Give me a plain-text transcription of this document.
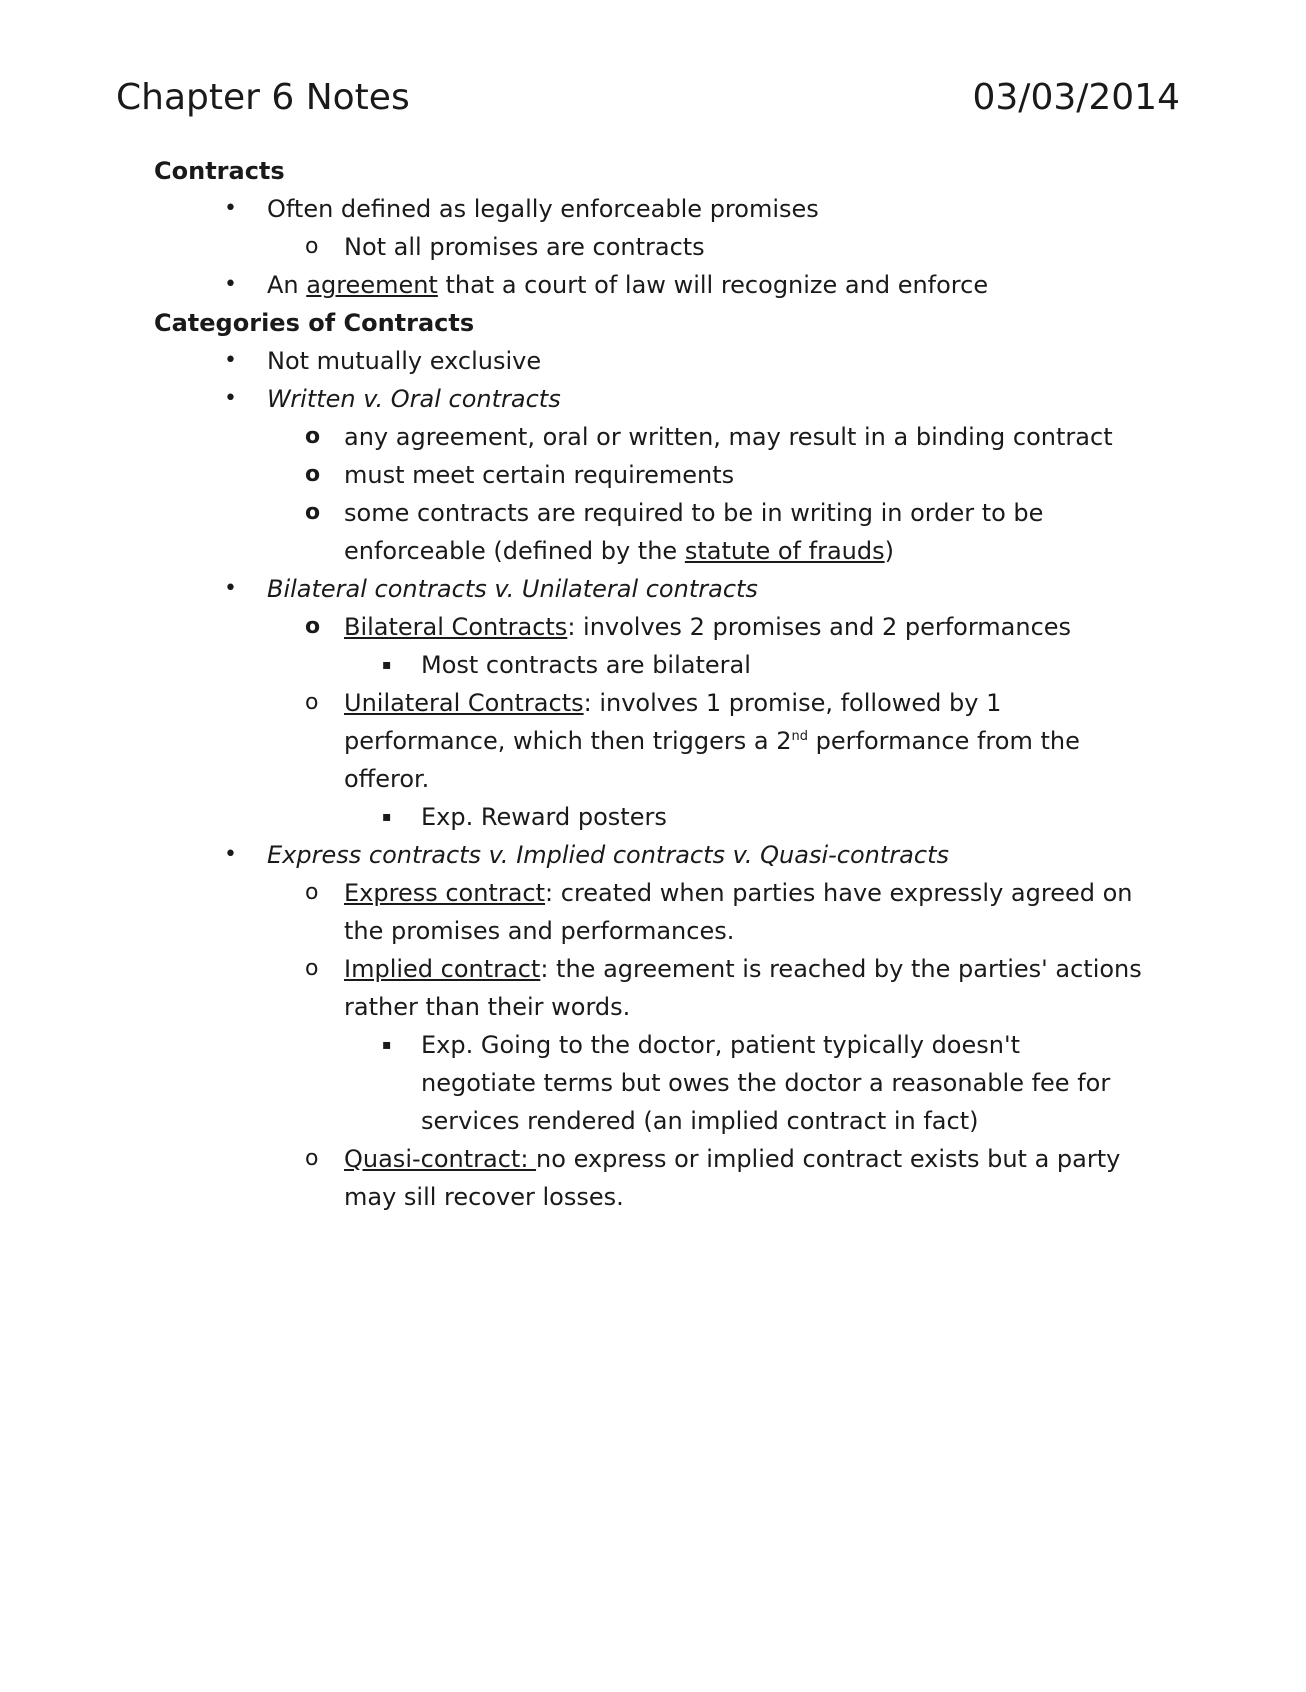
Chapter 6 Notes	03/03/2014
Contracts
• Often defined as legally enforceable promises
o Not all promises are contracts
• An agreement that a court of law will recognize and enforce
Categories of Contracts
• Not mutually exclusive
• Written v. Oral contracts
o any agreement, oral or written, may result in a binding contract
o must meet certain requirements
o some contracts are required to be in writing in order to be enforceable (defined by the statute of frauds)
• Bilateral contracts v. Unilateral contracts
o Bilateral Contracts: involves 2 promises and 2 performances
▪ Most contracts are bilateral
o Unilateral Contracts: involves 1 promise, followed by 1 performance, which then triggers a 2nd performance from the offeror.
▪ Exp. Reward posters
• Express contracts v. Implied contracts v. Quasi-contracts
o Express contract: created when parties have expressly agreed on the promises and performances.
o Implied contract: the agreement is reached by the parties' actions rather than their words.
▪ Exp. Going to the doctor, patient typically doesn't negotiate terms but owes the doctor a reasonable fee for services rendered (an implied contract in fact)
o Quasi-contract: no express or implied contract exists but a party may sill recover losses.
